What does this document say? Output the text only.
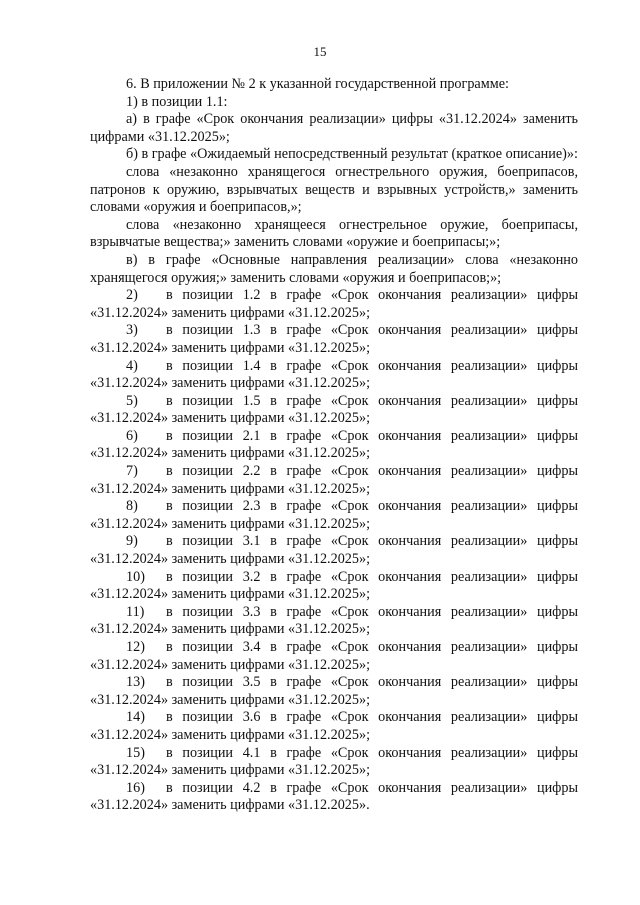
15

6. В приложении № 2 к указанной государственной программе:

1) в позиции 1.1:

а) в графе «Срок окончания реализации» цифры «31.12.2024» заменить цифрами «31.12.2025»;

б) в графе «Ожидаемый непосредственный результат (краткое описание)»:

слова «незаконно хранящегося огнестрельного оружия, боеприпасов, патронов к оружию, взрывчатых веществ и взрывных устройств,» заменить словами «оружия и боеприпасов,»;

слова «незаконно хранящееся огнестрельное оружие, боеприпасы, взрывчатые вещества;» заменить словами «оружие и боеприпасы;»;

в) в графе «Основные направления реализации» слова «незаконно хранящегося оружия;» заменить словами «оружия и боеприпасов;»;

2)	в позиции 1.2 в графе «Срок окончания реализации» цифры
«31.12.2024» заменить цифрами «31.12.2025»;
3)	в позиции 1.3 в графе «Срок окончания реализации» цифры
«31.12.2024» заменить цифрами «31.12.2025»;
4)	в позиции 1.4 в графе «Срок окончания реализации» цифры
«31.12.2024» заменить цифрами «31.12.2025»;
5)	в позиции 1.5 в графе «Срок окончания реализации» цифры
«31.12.2024» заменить цифрами «31.12.2025»;
6)	в позиции 2.1 в графе «Срок окончания реализации» цифры
«31.12.2024» заменить цифрами «31.12.2025»;
7)	в позиции 2.2 в графе «Срок окончания реализации» цифры
«31.12.2024» заменить цифрами «31.12.2025»;
8)	в позиции 2.3 в графе «Срок окончания реализации» цифры
«31.12.2024» заменить цифрами «31.12.2025»;
9)	в позиции 3.1 в графе «Срок окончания реализации» цифры
«31.12.2024» заменить цифрами «31.12.2025»;
10)	в позиции 3.2 в графе «Срок окончания реализации» цифры
«31.12.2024» заменить цифрами «31.12.2025»;
11)	в позиции 3.3 в графе «Срок окончания реализации» цифры
«31.12.2024» заменить цифрами «31.12.2025»;
12)	в позиции 3.4 в графе «Срок окончания реализации» цифры
«31.12.2024» заменить цифрами «31.12.2025»;
13)	в позиции 3.5 в графе «Срок окончания реализации» цифры
«31.12.2024» заменить цифрами «31.12.2025»;
14)	в позиции 3.6 в графе «Срок окончания реализации» цифры
«31.12.2024» заменить цифрами «31.12.2025»;
15)	в позиции 4.1 в графе «Срок окончания реализации» цифры
«31.12.2024» заменить цифрами «31.12.2025»;
16)	в позиции 4.2 в графе «Срок окончания реализации» цифры
«31.12.2024» заменить цифрами «31.12.2025».
